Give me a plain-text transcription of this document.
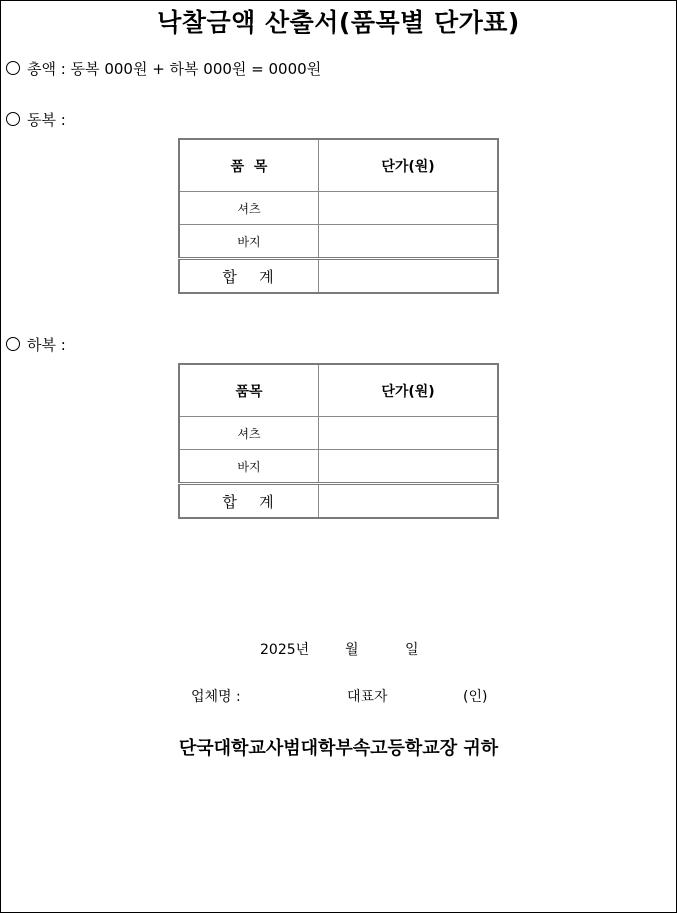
낙찰금액 산출서(품목별 단가표)
총액 : 동복 000원 + 하복 000원 = 0000원
동복 :
품  목	단가(원)
셔츠	
바지	
합   계	
하복 :
품목	단가(원)
셔츠	
바지	
합   계	
2025년	월	일
업체명 :	대표자	(인)
단국대학교사범대학부속고등학교장 귀하
